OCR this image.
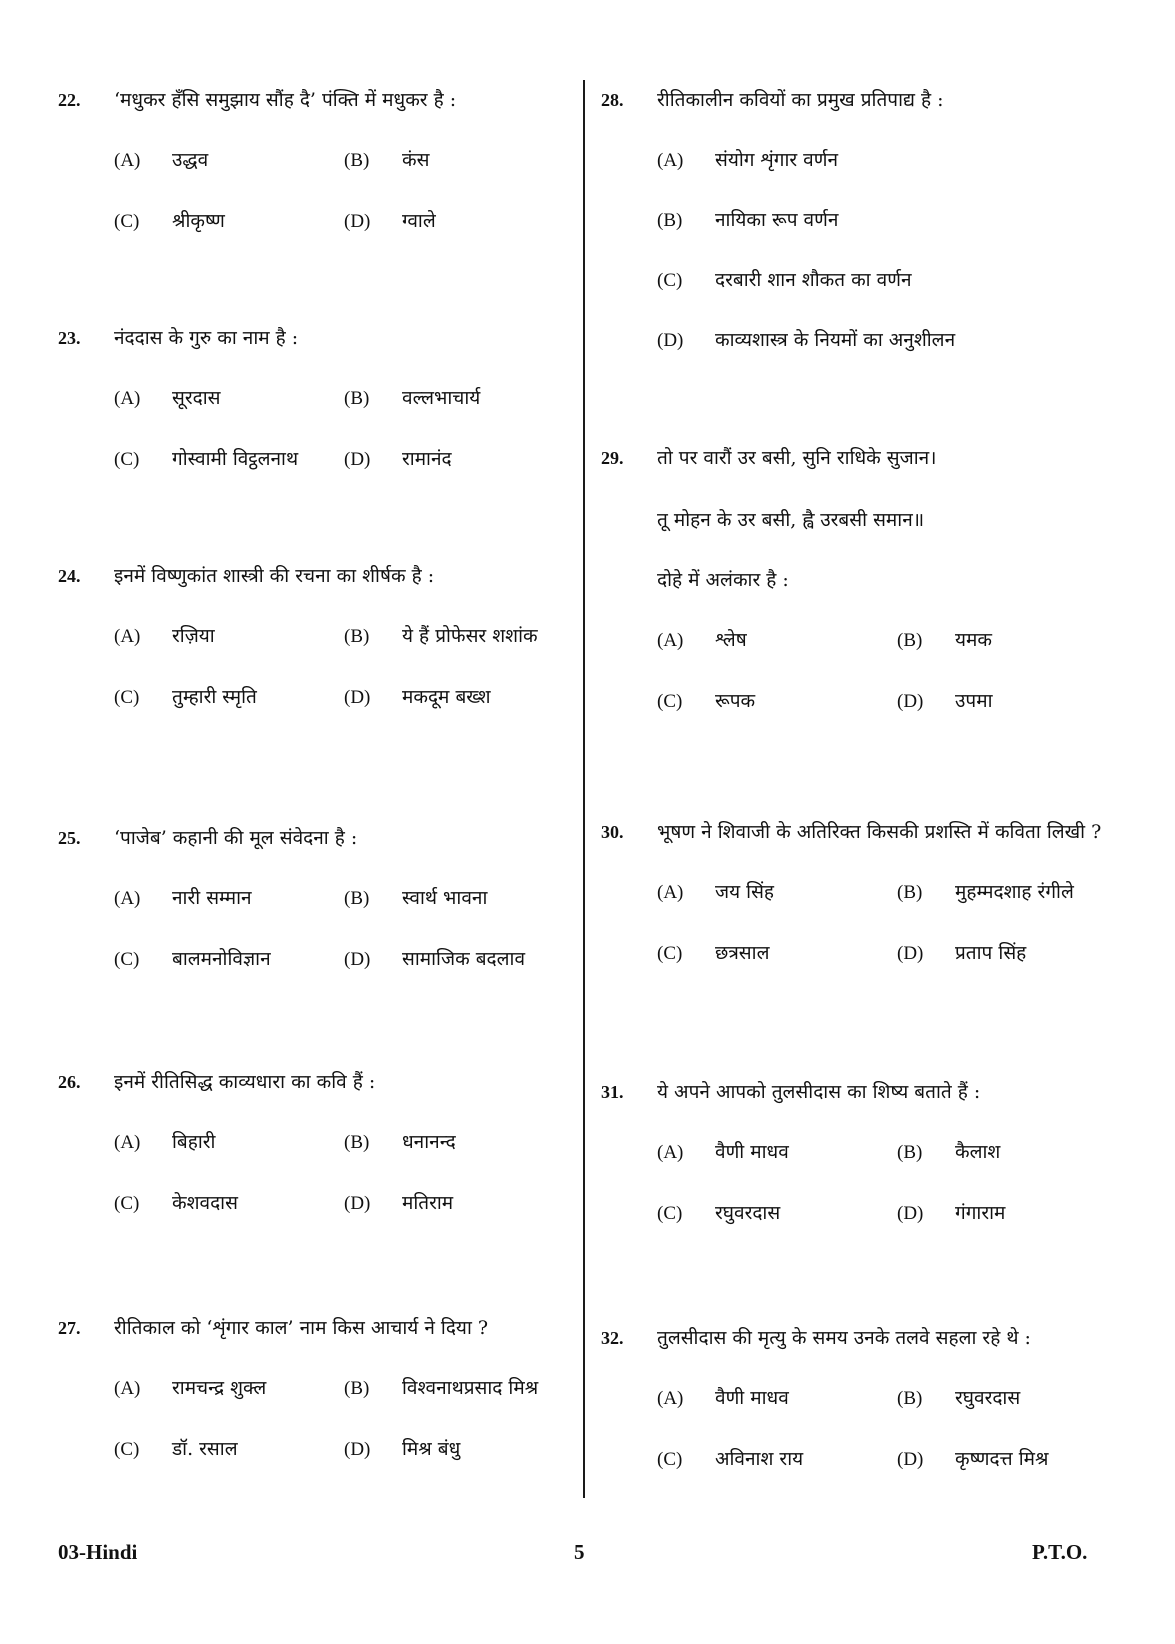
22. ‘मधुकर हँसि समुझाय सौंह दै’ पंक्ति में मधुकर है :
(A) उद्धव	(B) कंस
(C) श्रीकृष्ण	(D) ग्वाले
23. नंददास के गुरु का नाम है :
(A) सूरदास	(B) वल्लभाचार्य
(C) गोस्वामी विट्ठलनाथ (D) रामानंद
24. इनमें विष्णुकांत शास्त्री की रचना का शीर्षक है :
(A) रज़िया	(B) ये हैं प्रोफेसर शशांक
(C) तुम्हारी स्मृति	(D) मकदूम बख्श
25. ‘पाजेब’ कहानी की मूल संवेदना है :
(A) नारी सम्मान	(B) स्वार्थ भावना
(C) बालमनोविज्ञान	(D) सामाजिक बदलाव
26. इनमें रीतिसिद्ध काव्यधारा का कवि हैं :
(A) बिहारी	(B) धनानन्द
(C) केशवदास	(D) मतिराम
27. रीतिकाल को ‘शृंगार काल’ नाम किस आचार्य ने दिया ?
(A) रामचन्द्र शुक्ल	(B) विश्वनाथप्रसाद मिश्र
(C) डॉ. रसाल	(D) मिश्र बंधु
28. रीतिकालीन कवियों का प्रमुख प्रतिपाद्य है :
(A) संयोग शृंगार वर्णन
(B) नायिका रूप वर्णन
(C) दरबारी शान शौकत का वर्णन
(D) काव्यशास्त्र के नियमों का अनुशीलन
29. तो पर वारौं उर बसी, सुनि राधिके सुजान।
तू मोहन के उर बसी, ह्वै उरबसी समान॥
दोहे में अलंकार है :
(A) श्लेष	(B) यमक
(C) रूपक	(D) उपमा
30. भूषण ने शिवाजी के अतिरिक्त किसकी प्रशस्ति में कविता लिखी ?
(A) जय सिंह	(B) मुहम्मदशाह रंगीले
(C) छत्रसाल	(D) प्रताप सिंह
31. ये अपने आपको तुलसीदास का शिष्य बताते हैं :
(A) वैणी माधव	(B) कैलाश
(C) रघुवरदास	(D) गंगाराम
32. तुलसीदास की मृत्यु के समय उनके तलवे सहला रहे थे :
(A) वैणी माधव	(B) रघुवरदास
(C) अविनाश राय	(D) कृष्णदत्त मिश्र
03-Hindi	5	P.T.O.
